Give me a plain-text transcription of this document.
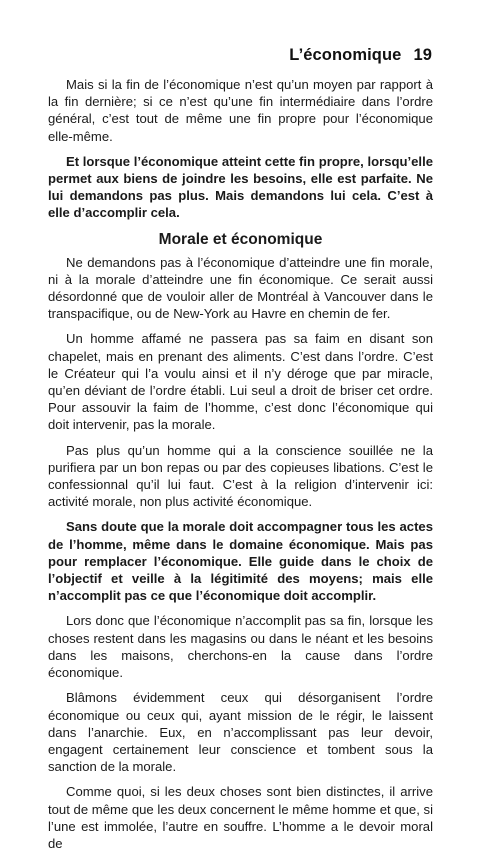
L’économique 19

Mais si la fin de l’économique n’est qu’un moyen par rapport à la fin dernière; si ce n’est qu’une fin intermédiaire dans l’ordre général, c’est tout de même une fin propre pour l’économique elle-même.

Et lorsque l’économique atteint cette fin propre, lorsqu’elle permet aux biens de joindre les besoins, elle est parfaite. Ne lui demandons pas plus. Mais demandons lui cela. C’est à elle d’accomplir cela.

Morale et économique

Ne demandons pas à l’économique d’atteindre une fin morale, ni à la morale d’atteindre une fin économique. Ce serait aussi désordonné que de vouloir aller de Montréal à Vancouver dans le transpacifique, ou de New-York au Havre en chemin de fer.

Un homme affamé ne passera pas sa faim en disant son chapelet, mais en prenant des aliments. C’est dans l’ordre. C’est le Créateur qui l’a voulu ainsi et il n’y déroge que par miracle, qu’en déviant de l’ordre établi. Lui seul a droit de briser cet ordre. Pour assouvir la faim de l’homme, c’est donc l’économique qui doit intervenir, pas la morale.

Pas plus qu’un homme qui a la conscience souillée ne la purifiera par un bon repas ou par des copieuses libations. C’est le confessionnal qu’il lui faut. C’est à la religion d’intervenir ici: activité morale, non plus activité économique.

Sans doute que la morale doit accompagner tous les actes de l’homme, même dans le domaine économique. Mais pas pour remplacer l’économique. Elle guide dans le choix de l’objectif et veille à la légitimité des moyens; mais elle n’accomplit pas ce que l’économique doit accomplir.

Lors donc que l’économique n’accomplit pas sa fin, lorsque les choses restent dans les magasins ou dans le néant et les besoins dans les maisons, cherchons-en la cause dans l’ordre économique.

Blâmons évidemment ceux qui désorganisent l’ordre économique ou ceux qui, ayant mission de le régir, le laissent dans l’anarchie. Eux, en n’accomplissant pas leur devoir, engagent certainement leur conscience et tombent sous la sanction de la morale.

Comme quoi, si les deux choses sont bien distinctes, il arrive tout de même que les deux concernent le même homme et que, si l’une est immolée, l’autre en souffre. L’homme a le devoir moral de
